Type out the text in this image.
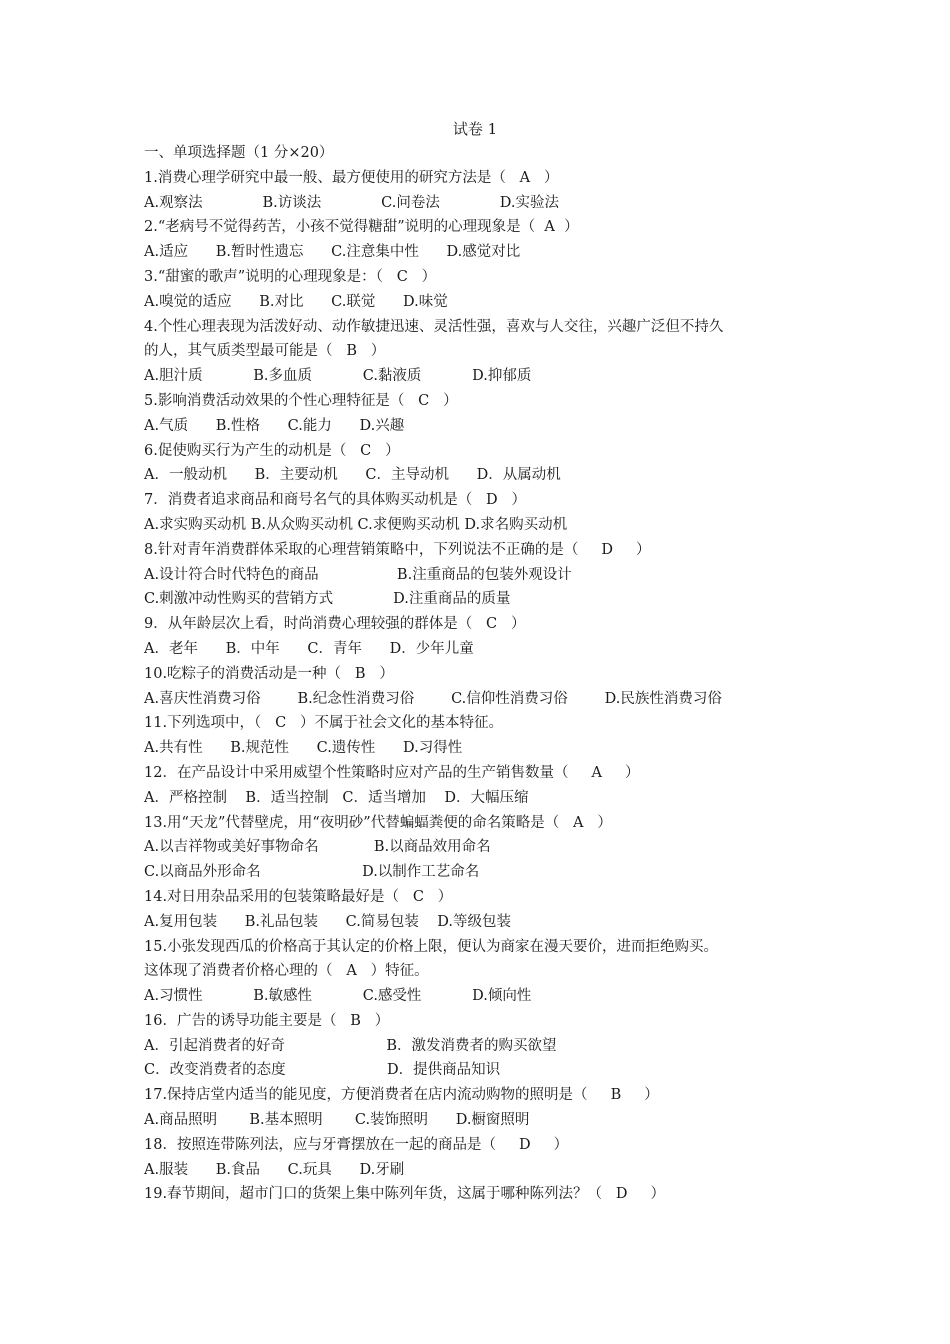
试卷 1
一、单项选择题（1 分×20）
1.消费心理学研究中最一般、最方便使用的研究方法是（   A   ）
A.观察法             B.访谈法             C.问卷法             D.实验法
2.“老病号不觉得药苦，小孩不觉得糖甜”说明的心理现象是（  A  ）
A.适应      B.暂时性遗忘      C.注意集中性      D.感觉对比
3.“甜蜜的歌声”说明的心理现象是：（   C   ）
A.嗅觉的适应      B.对比      C.联觉      D.味觉
4.个性心理表现为活泼好动、动作敏捷迅速、灵活性强，喜欢与人交往，兴趣广泛但不持久
的人，其气质类型最可能是（   B   ）
A.胆汁质           B.多血质           C.黏液质           D.抑郁质
5.影响消费活动效果的个性心理特征是（   C   ）
A.气质      B.性格      C.能力      D.兴趣
6.促使购买行为产生的动机是（   C   ）
A．一般动机      B．主要动机      C．主导动机      D．从属动机
7．消费者追求商品和商号名气的具体购买动机是（   D   ）
A.求实购买动机 B.从众购买动机 C.求便购买动机 D.求名购买动机
8.针对青年消费群体采取的心理营销策略中，下列说法不正确的是（     D     ）
A.设计符合时代特色的商品                 B.注重商品的包装外观设计
C.刺激冲动性购买的营销方式             D.注重商品的质量
9．从年龄层次上看，时尚消费心理较强的群体是（   C   ）
A．老年      B．中年      C．青年      D．少年儿童
10.吃粽子的消费活动是一种（   B   ）
A.喜庆性消费习俗        B.纪念性消费习俗        C.信仰性消费习俗        D.民族性消费习俗
11.下列选项中，（   C   ）不属于社会文化的基本特征。
A.共有性      B.规范性      C.遗传性      D.习得性
12．在产品设计中采用威望个性策略时应对产品的生产销售数量（     A     ）
A．严格控制    B．适当控制   C．适当增加    D．大幅压缩
13.用“天龙”代替壁虎，用“夜明砂”代替蝙蝠粪便的命名策略是（   A   ）
A.以吉祥物或美好事物命名            B.以商品效用命名
C.以商品外形命名                      D.以制作工艺命名
14.对日用杂品采用的包装策略最好是（   C   ）
A.复用包装      B.礼品包装      C.简易包装    D.等级包装
15.小张发现西瓜的价格高于其认定的价格上限，便认为商家在漫天要价，进而拒绝购买。
这体现了消费者价格心理的（   A   ）特征。
A.习惯性           B.敏感性           C.感受性           D.倾向性
16．广告的诱导功能主要是（   B   ）
A．引起消费者的好奇                      B．激发消费者的购买欲望
C．改变消费者的态度                      D．提供商品知识
17.保持店堂内适当的能见度，方便消费者在店内流动购物的照明是（     B     ）
A.商品照明       B.基本照明       C.装饰照明      D.橱窗照明
18．按照连带陈列法，应与牙膏摆放在一起的商品是（     D     ）
A.服装      B.食品      C.玩具      D.牙刷
19.春节期间，超市门口的货架上集中陈列年货，这属于哪种陈列法？（   D     ）
